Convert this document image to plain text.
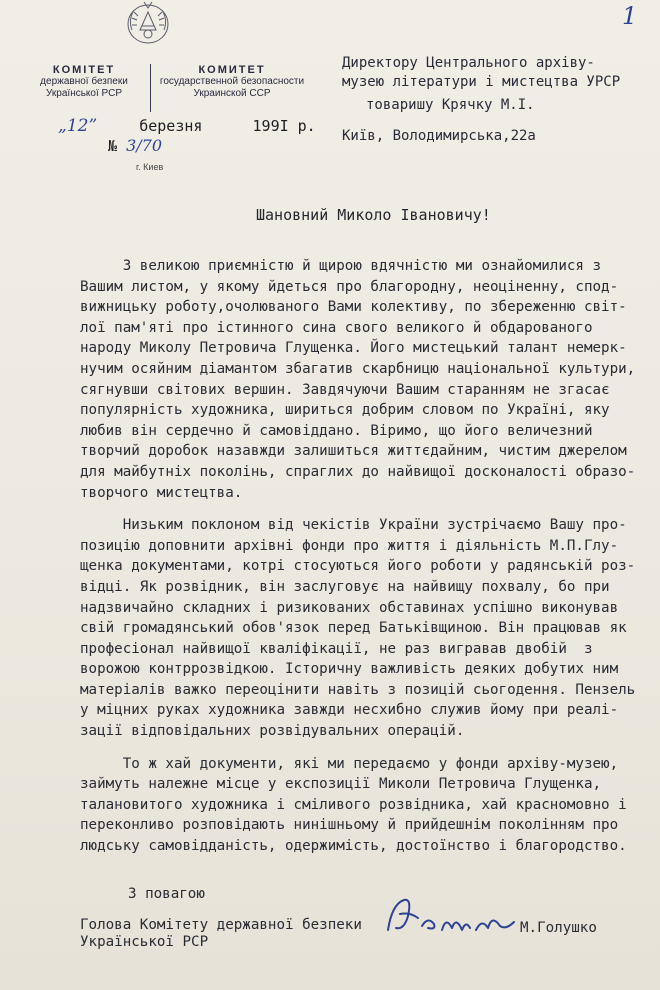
1
КОМІТЕТ
державної безпеки
Української РСР
КОМИТЕТ
государственной безопасности
Украинской ССР
„12”	березня	199I р.
№ 3/70
г. Киев
Директору Центрального архіву-
музею літератури і мистецтва УРСР
товаришу Крячку М.І.
Київ, Володимирська,22а
Шановний Миколо Івановичу!
З великою приємністю й щирою вдячністю ми ознайомилися з
Вашим листом, у якому йдеться про благородну, неоціненну, спод-
вижницьку роботу,очолюваного Вами колективу, по збереженню світ-
лої пам'яті про істинного сина свого великого й обдарованого
народу Миколу Петровича Глущенка. Його мистецький талант немерк-
нучим осяйним діамантом збагатив скарбницю національної культури,
сягнувши світових вершин. Завдячуючи Вашим старанням не згасає
популярність художника, шириться добрим словом по Україні, яку
любив він сердечно й самовіддано. Віримо, що його величезний
творчий доробок назавжди залишиться життєдайним, чистим джерелом
для майбутніх поколінь, спраглих до найвищої досконалості образо-
творчого мистецтва.
Низьким поклоном від чекістів України зустрічаємо Вашу про-
позицію доповнити архівні фонди про життя і діяльність М.П.Глу-
щенка документами, котрі стосуються його роботи у радянській роз-
відці. Як розвідник, він заслуговує на найвищу похвалу, бо при
надзвичайно складних і ризикованих обставинах успішно виконував
свій громадянський обов'язок перед Батьківщиною. Він працював як
професіонал найвищої кваліфікації, не раз вигравав двобій  з
ворожою контррозвідкою. Історичну важливість деяких добутих ним
матеріалів важко переоцінити навіть з позицій сьогодення. Пензель
у міцних руках художника завжди несхибно служив йому при реалі-
зації відповідальних розвідувальних операцій.
То ж хай документи, які ми передаємо у фонди архіву-музею,
займуть належне місце у експозиції Миколи Петровича Глущенка,
талановитого художника і сміливого розвідника, хай красномовно і
переконливо розповідають нинішньому й прийдешнім поколінням про
людську самовідданість, одержимість, достоїнство і благородство.
З повагою
Голова Комітету державної безпеки
Української РСР
М.Голушко
